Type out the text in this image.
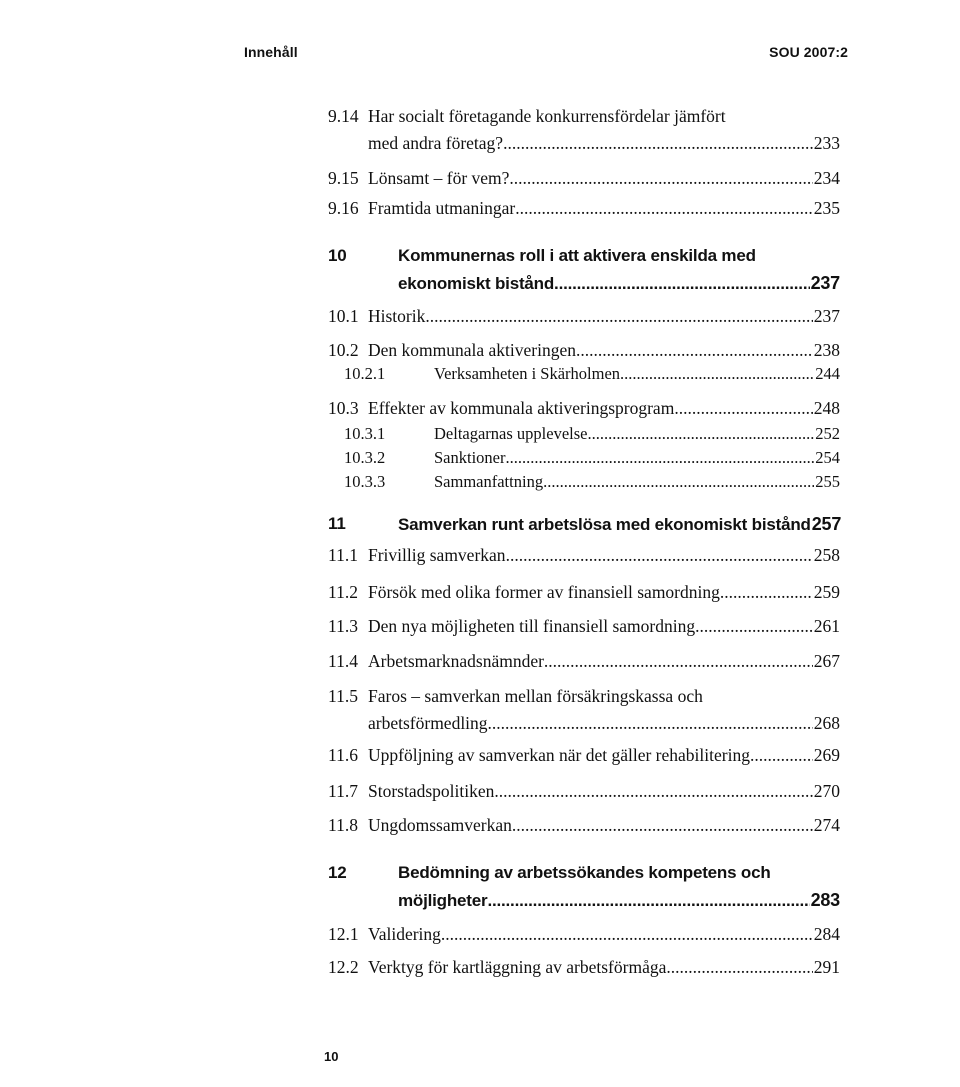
Innehåll	SOU 2007:2
9.14 Har socialt företagande konkurrensfördelar jämfört
med andra företag? .....	233
9.15 Lönsamt – för vem? .....	234
9.16 Framtida utmaningar .....	235
10	Kommunernas roll i att aktivera enskilda med
ekonomiskt bistånd .....	237
10.1 Historik .....	237
10.2 Den kommunala aktiveringen .....	238
10.2.1	Verksamheten i Skärholmen .....	244
10.3 Effekter av kommunala aktiveringsprogram .....	248
10.3.1	Deltagarnas upplevelse .....	252
10.3.2	Sanktioner .....	254
10.3.3	Sammanfattning .....	255
11	Samverkan runt arbetslösa med ekonomiskt bistånd 257
11.1 Frivillig samverkan .....	258
11.2 Försök med olika former av finansiell samordning .....	259
11.3 Den nya möjligheten till finansiell samordning .....	261
11.4 Arbetsmarknadsnämnder .....	267
11.5 Faros – samverkan mellan försäkringskassa och
arbetsförmedling .....	268
11.6 Uppföljning av samverkan när det gäller rehabilitering .....	269
11.7 Storstadspolitiken .....	270
11.8 Ungdomssamverkan .....	274
12	Bedömning av arbetssökandes kompetens och
möjligheter .....	283
12.1 Validering .....	284
12.2 Verktyg för kartläggning av arbetsförmåga .....	291
10
